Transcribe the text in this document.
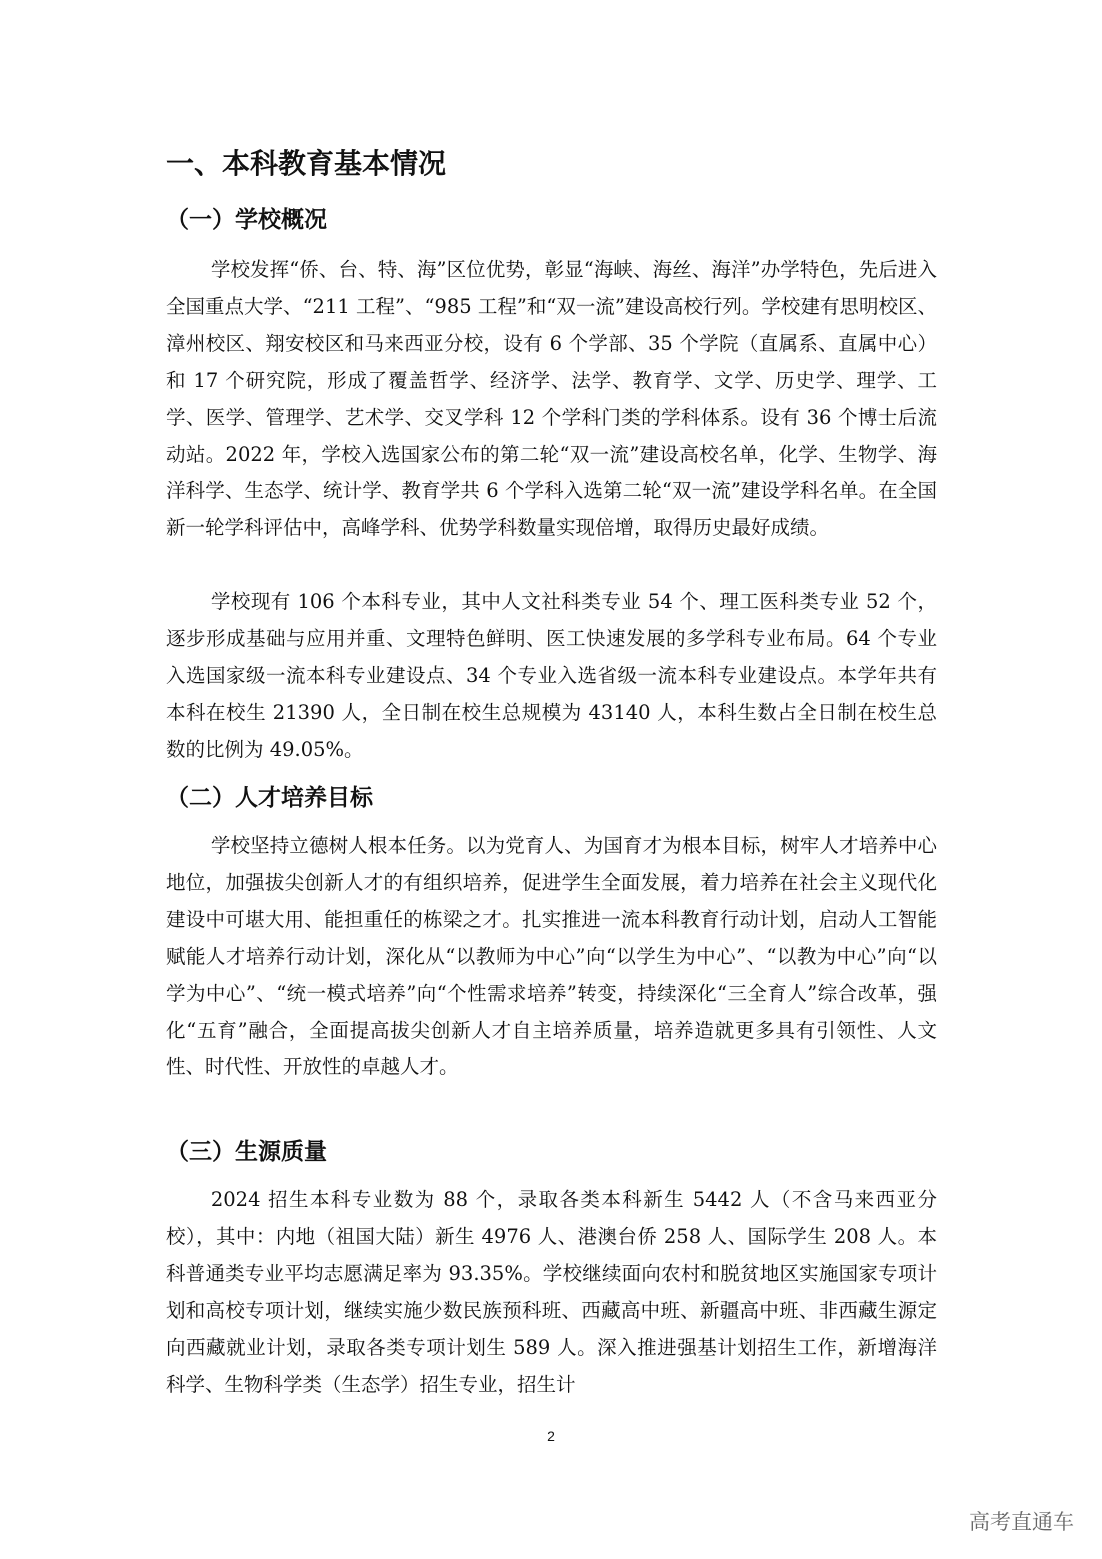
一、本科教育基本情况
（一）学校概况

学校发挥“侨、台、特、海”区位优势，彰显“海峡、海丝、海洋”办学特色，先后进入全国重点大学、“211 工程”、“985 工程”和“双一流”建设高校行列。学校建有思明校区、漳州校区、翔安校区和马来西亚分校，设有 6 个学部、35 个学院（直属系、直属中心）和 17 个研究院，形成了覆盖哲学、经济学、法学、教育学、文学、历史学、理学、工学、医学、管理学、艺术学、交叉学科 12 个学科门类的学科体系。设有 36 个博士后流动站。2022 年，学校入选国家公布的第二轮“双一流”建设高校名单，化学、生物学、海洋科学、生态学、统计学、教育学共 6 个学科入选第二轮“双一流”建设学科名单。在全国新一轮学科评估中，高峰学科、优势学科数量实现倍增，取得历史最好成绩。

学校现有 106 个本科专业，其中人文社科类专业 54 个、理工医科类专业 52 个，逐步形成基础与应用并重、文理特色鲜明、医工快速发展的多学科专业布局。64 个专业入选国家级一流本科专业建设点、34 个专业入选省级一流本科专业建设点。本学年共有本科在校生 21390 人，全日制在校生总规模为 43140 人，本科生数占全日制在校生总数的比例为 49.05%。

（二）人才培养目标

学校坚持立德树人根本任务。以为党育人、为国育才为根本目标，树牢人才培养中心地位，加强拔尖创新人才的有组织培养，促进学生全面发展，着力培养在社会主义现代化建设中可堪大用、能担重任的栋梁之才。扎实推进一流本科教育行动计划，启动人工智能赋能人才培养行动计划，深化从“以教师为中心”向“以学生为中心”、“以教为中心”向“以学为中心”、“统一模式培养”向“个性需求培养”转变，持续深化“三全育人”综合改革，强化“五育”融合，全面提高拔尖创新人才自主培养质量，培养造就更多具有引领性、人文性、时代性、开放性的卓越人才。

（三）生源质量

2024 招生本科专业数为 88 个，录取各类本科新生 5442 人（不含马来西亚分校），其中：内地（祖国大陆）新生 4976 人、港澳台侨 258 人、国际学生 208 人。本科普通类专业平均志愿满足率为 93.35%。学校继续面向农村和脱贫地区实施国家专项计划和高校专项计划，继续实施少数民族预科班、西藏高中班、新疆高中班、非西藏生源定向西藏就业计划，录取各类专项计划生 589 人。深入推进强基计划招生工作，新增海洋科学、生物科学类（生态学）招生专业，招生计

2
高考直通车
